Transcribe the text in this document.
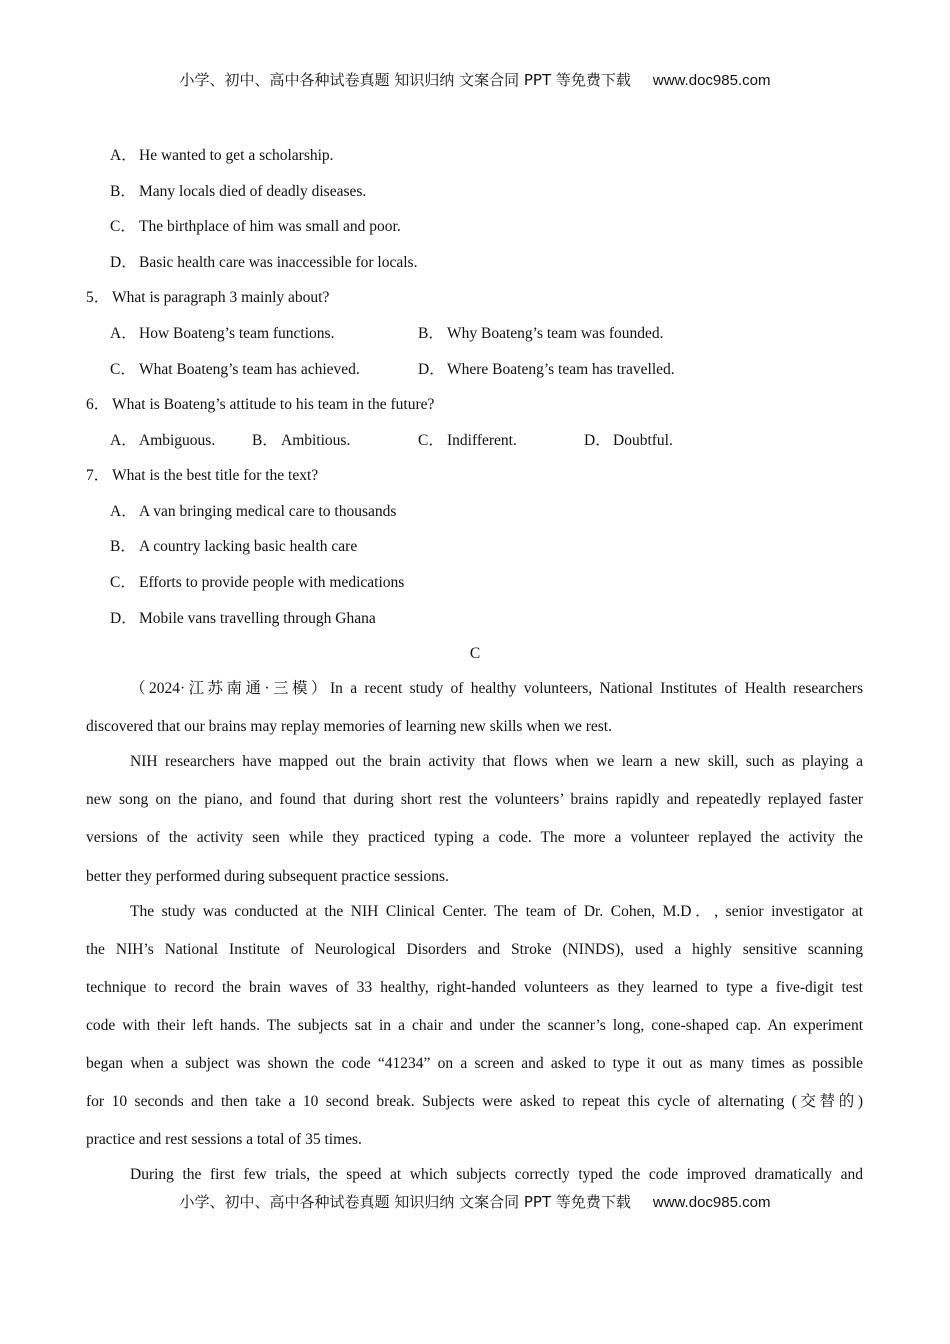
小学、初中、高中各种试卷真题 知识归纳 文案合同 PPT 等免费下载 www.doc985.com
A． He wanted to get a scholarship.
B． Many locals died of deadly diseases.
C． The birthplace of him was small and poor.
D． Basic health care was inaccessible for locals.
5． What is paragraph 3 mainly about?
A． How Boateng’s team functions.	B． Why Boateng’s team was founded.
C． What Boateng’s team has achieved.	D． Where Boateng’s team has travelled.
6． What is Boateng’s attitude to his team in the future?
A． Ambiguous. B． Ambitious.	C． Indifferent.	D． Doubtful.
7． What is the best title for the text?
A． A van bringing medical care to thousands
B． A country lacking basic health care
C． Efforts to provide people with medications
D． Mobile vans travelling through Ghana
C
（2024·江苏南通·三模）In a recent study of healthy volunteers, National Institutes of Health researchers
discovered that our brains may replay memories of learning new skills when we rest.
NIH researchers have mapped out the brain activity that flows when we learn a new skill, such as playing a
new song on the piano, and found that during short rest the volunteers’ brains rapidly and repeatedly replayed faster
versions of the activity seen while they practiced typing a code. The more a volunteer replayed the activity the
better they performed during subsequent practice sessions.
The study was conducted at the NIH Clinical Center. The team of Dr. Cohen, M.D．, senior investigator at
the NIH’s National Institute of Neurological Disorders and Stroke (NINDS), used a highly sensitive scanning
technique to record the brain waves of 33 healthy, right-handed volunteers as they learned to type a five-digit test
code with their left hands. The subjects sat in a chair and under the scanner’s long, cone-shaped cap. An experiment
began when a subject was shown the code “41234” on a screen and asked to type it out as many times as possible
for 10 seconds and then take a 10 second break. Subjects were asked to repeat this cycle of alternating (交替的)
practice and rest sessions a total of 35 times.
During the first few trials, the speed at which subjects correctly typed the code improved dramatically and
小学、初中、高中各种试卷真题 知识归纳 文案合同 PPT 等免费下载 www.doc985.com
